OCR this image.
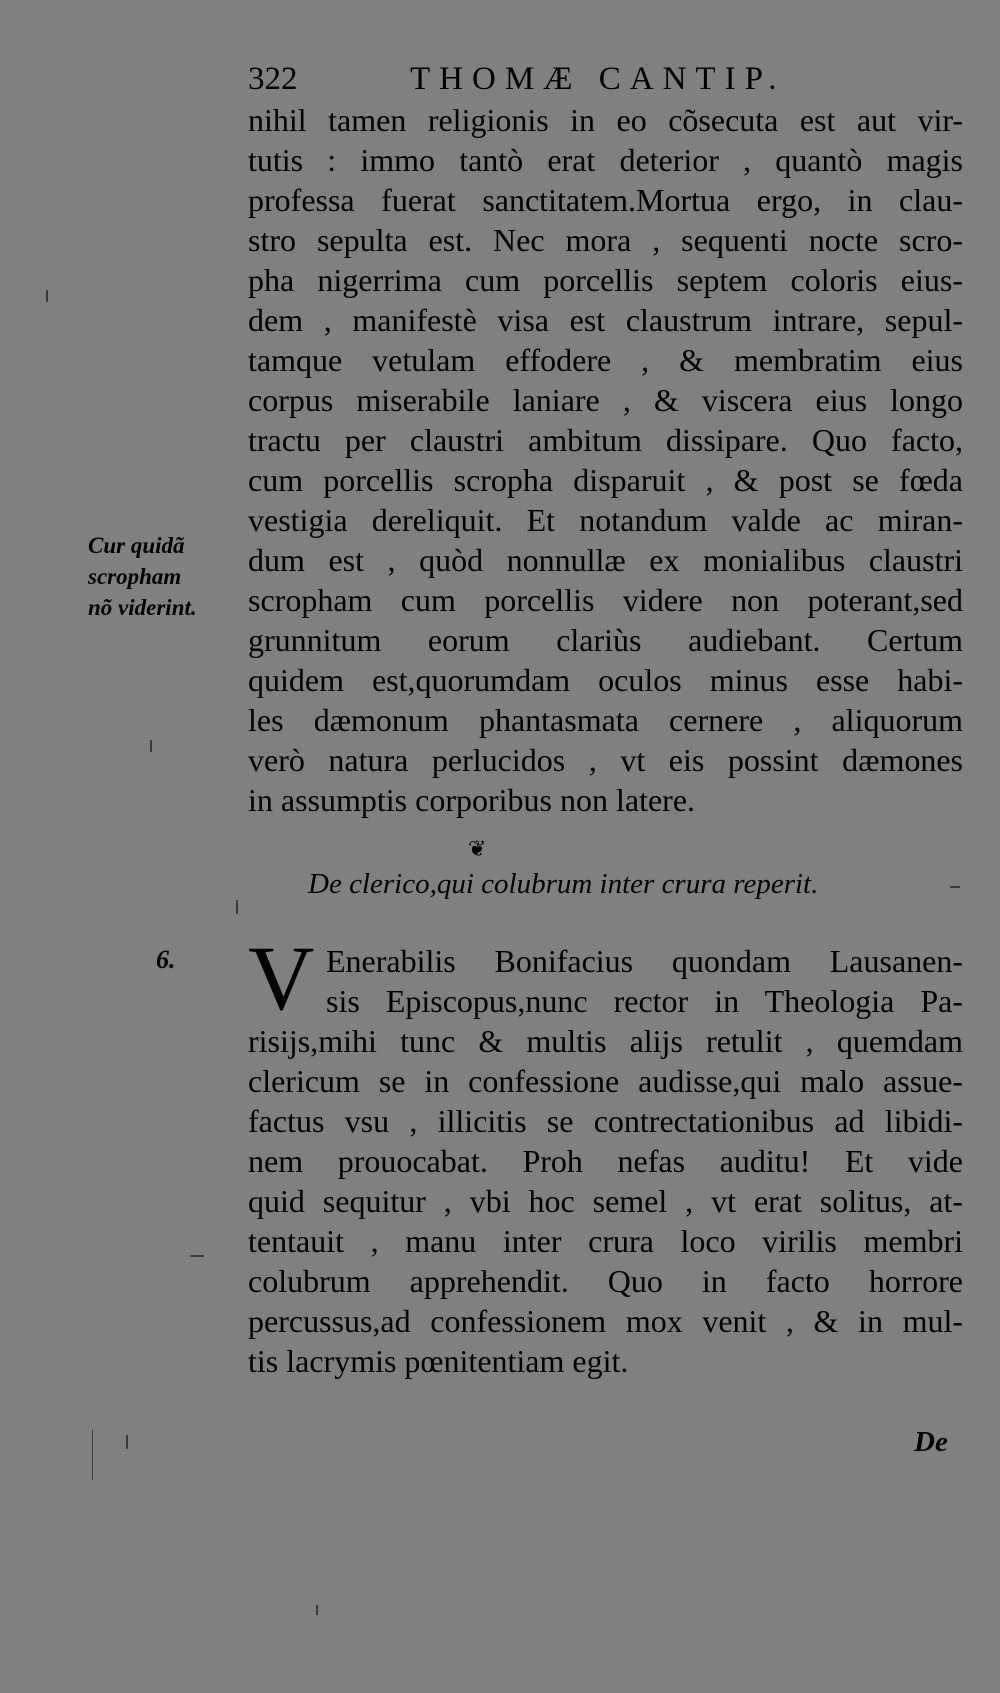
322	THOMÆ CANTIP.
nihil tamen religionis in eo cõsecuta est aut vir-
tutis : immo tantò erat deterior , quantò magis
professa fuerat sanctitatem.Mortua ergo, in clau-
stro sepulta est. Nec mora , sequenti nocte scro-
pha nigerrima cum porcellis septem coloris eius-
dem , manifestè visa est claustrum intrare, sepul-
tamque vetulam effodere , & membratim eius
corpus miserabile laniare , & viscera eius longo
tractu per claustri ambitum dissipare. Quo facto,
cum porcellis scropha disparuit , & post se fœda
vestigia dereliquit. Et notandum valde ac miran-
dum est , quòd nonnullæ ex monialibus claustri
scropham cum porcellis videre non poterant,sed
grunnitum eorum clariùs audiebant. Certum
quidem est,quorumdam oculos minus esse habi-
les dæmonum phantasmata cernere , aliquorum
verò natura perlucidos , vt eis possint dæmones
in assumptis corporibus non latere.
Cur quidã
scropham
nõ viderint.
❦
De clerico,qui colubrum inter crura reperit.
6. V Enerabilis Bonifacius quondam Lausanen-
sis Episcopus,nunc rector in Theologia Pa-
risijs,mihi tunc & multis alijs retulit , quemdam
clericum se in confessione audisse,qui malo assue-
factus vsu , illicitis se contrectationibus ad libidi-
nem prouocabat. Proh nefas auditu! Et vide
quid sequitur , vbi hoc semel , vt erat solitus, at-
tentauit , manu inter crura loco virilis membri
colubrum apprehendit. Quo in facto horrore
percussus,ad confessionem mox venit , & in mul-
tis lacrymis pœnitentiam egit.
De
